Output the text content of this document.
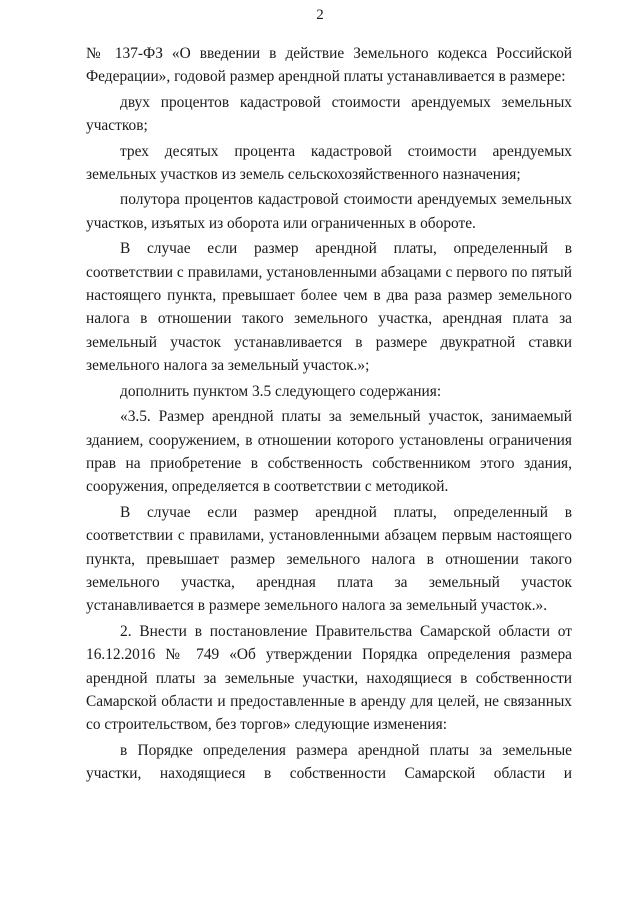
2

№ 137-ФЗ «О введении в действие Земельного кодекса Российской Федерации», годовой размер арендной платы устанавливается в размере:

двух процентов кадастровой стоимости арендуемых земельных участков;

трех десятых процента кадастровой стоимости арендуемых земельных участков из земель сельскохозяйственного назначения;

полутора процентов кадастровой стоимости арендуемых земельных участков, изъятых из оборота или ограниченных в обороте.

В случае если размер арендной платы, определенный в соответствии с правилами, установленными абзацами с первого по пятый настоящего пункта, превышает более чем в два раза размер земельного налога в отношении такого земельного участка, арендная плата за земельный участок устанавливается в размере двукратной ставки земельного налога за земельный участок.»;

дополнить пунктом 3.5 следующего содержания:

«3.5. Размер арендной платы за земельный участок, занимаемый зданием, сооружением, в отношении которого установлены ограничения прав на приобретение в собственность собственником этого здания, сооружения, определяется в соответствии с методикой.

В случае если размер арендной платы, определенный в соответствии с правилами, установленными абзацем первым настоящего пункта, превышает размер земельного налога в отношении такого земельного участка, арендная плата за земельный участок устанавливается в размере земельного налога за земельный участок.».

2. Внести в постановление Правительства Самарской области от 16.12.2016 № 749 «Об утверждении Порядка определения размера арендной платы за земельные участки, находящиеся в собственности Самарской области и предоставленные в аренду для целей, не связанных со строительством, без торгов» следующие изменения:

в Порядке определения размера арендной платы за земельные участки, находящиеся в собственности Самарской области и
